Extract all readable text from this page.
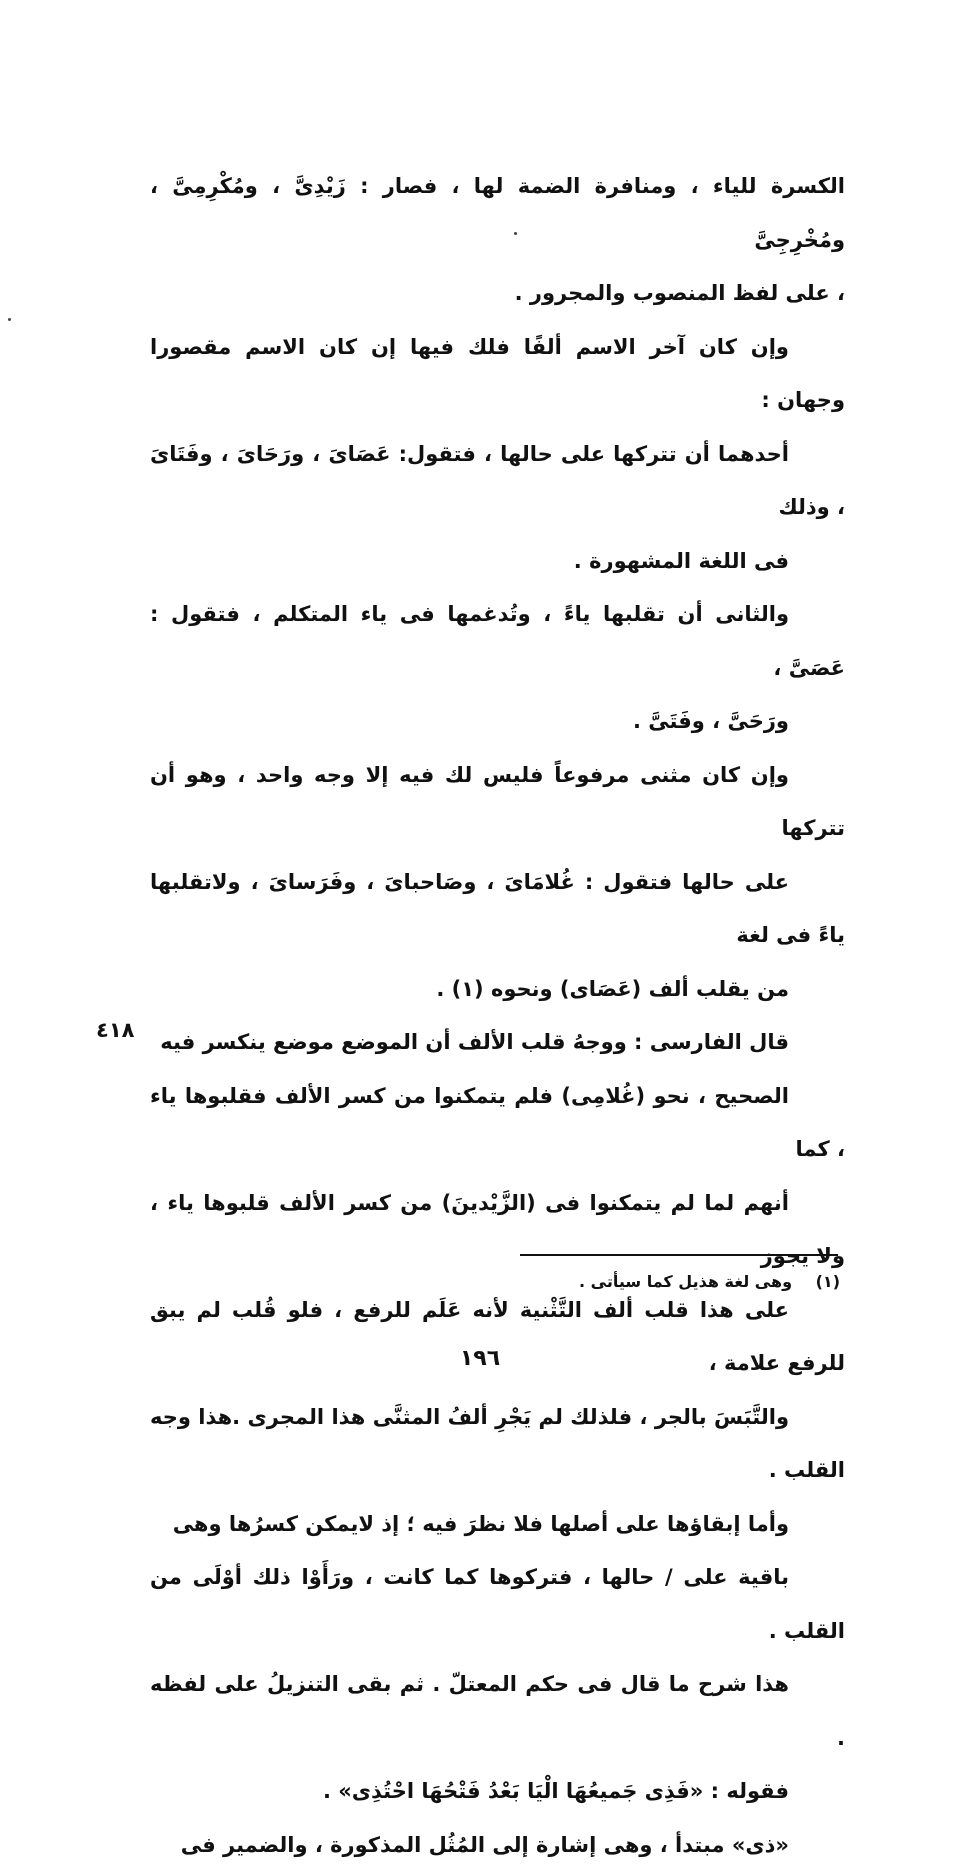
الكسرة للياء ، ومنافرة الضمة لها ، فصار : زَيْدِىَّ ، ومُكْرِمِىَّ ، ومُخْرِجِىَّ
، على لفظ المنصوب والمجرور .
وإن كان آخر الاسم ألفًا فلك فيها إن كان الاسم مقصورا وجهان :
أحدهما أن تتركها على حالها ، فتقول: عَصَاىَ ، ورَحَاىَ ، وفَتَاىَ ، وذلك
فى اللغة المشهورة .
والثانى أن تقلبها ياءً ، وتُدغمها فى ياء المتكلم ، فتقول : عَصَىَّ ،
ورَحَىَّ ، وفَتَىَّ .
وإن كان مثنى مرفوعاً فليس لك فيه إلا وجه واحد ، وهو أن تتركها
على حالها فتقول : غُلامَاىَ ، وصَاحباىَ ، وفَرَساىَ ، ولاتقلبها ياءً فى لغة
من يقلب ألف (عَصَاى) ونحوه (١) .
قال الفارسى : ووجهُ قلب الألف أن الموضع موضع ينكسر فيه
الصحيح ، نحو (غُلامِى) فلم يتمكنوا من كسر الألف فقلبوها ياء ، كما
أنهم لما لم يتمكنوا فى (الزَّيْدينَ) من كسر الألف قلبوها ياء ، ولا يجوز
على هذا قلب ألف التَّثْنية لأنه عَلَم للرفع ، فلو قُلب لم يبق للرفع علامة ،
والتَّبَسَ بالجر ، فلذلك لم يَجْرِ ألفُ المثنَّى هذا المجرى .هذا وجه القلب .
وأما إبقاؤها على أصلها فلا نظرَ فيه ؛ إذ لايمكن كسرُها وهى
باقية على / حالها ، فتركوها كما كانت ، ورَأَوْا ذلك أوْلَى من القلب .
هذا شرح ما قال فى حكم المعتلّ . ثم بقى التنزيلُ على لفظه .
فقوله : «فَذِى جَميعُهَا الْيَا بَعْدُ فَتْحُهَا احْتُذِى» .
«ذى» مبتدأ ، وهى إشارة إلى المُثُل المذكورة ، والضمير فى
٤١٨
(١) وهى لغة هذيل كما سيأتى .
١٩٦
